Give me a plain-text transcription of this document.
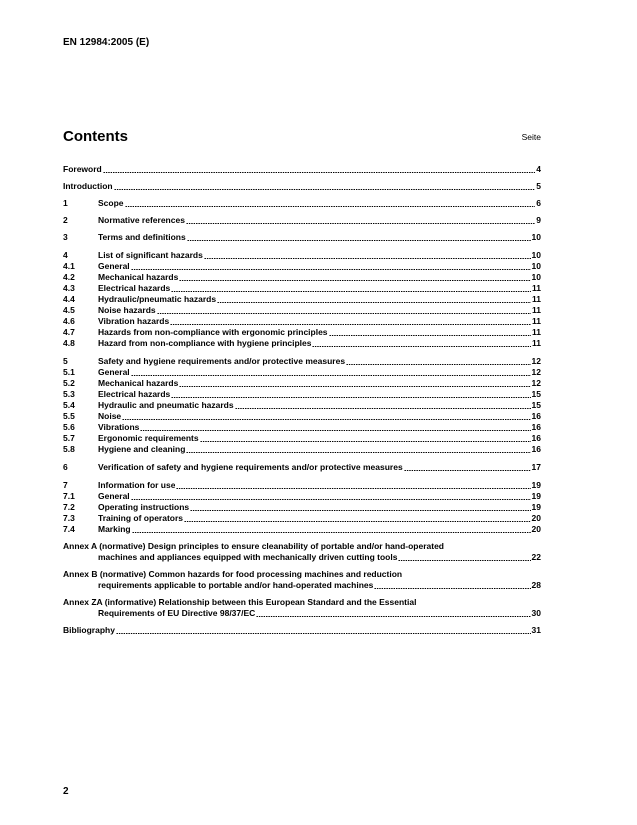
EN 12984:2005 (E)
Contents	Seite
Foreword	4
Introduction	5
1	Scope	6
2	Normative references	9
3	Terms and definitions	10
4	List of significant hazards	10
4.1	General	10
4.2	Mechanical hazards	10
4.3	Electrical hazards	11
4.4	Hydraulic/pneumatic hazards	11
4.5	Noise hazards	11
4.6	Vibration hazards	11
4.7	Hazards from non-compliance with ergonomic principles	11
4.8	Hazard from non-compliance with hygiene principles	11
5	Safety and hygiene requirements and/or protective measures	12
5.1	General	12
5.2	Mechanical hazards	12
5.3	Electrical hazards	15
5.4	Hydraulic and pneumatic hazards	15
5.5	Noise	16
5.6	Vibrations	16
5.7	Ergonomic requirements	16
5.8	Hygiene and cleaning	16
6	Verification of safety and hygiene requirements and/or protective measures	17
7	Information for use	19
7.1	General	19
7.2	Operating instructions	19
7.3	Training of operators	20
7.4	Marking	20
Annex A (normative) Design principles to ensure cleanability of portable and/or hand-operated
machines and appliances equipped with mechanically driven cutting tools	22
Annex B (normative) Common hazards for food processing machines and reduction
requirements applicable to portable and/or hand-operated machines	28
Annex ZA (informative) Relationship between this European Standard and the Essential
Requirements of EU Directive 98/37/EC	30
Bibliography	31
2
